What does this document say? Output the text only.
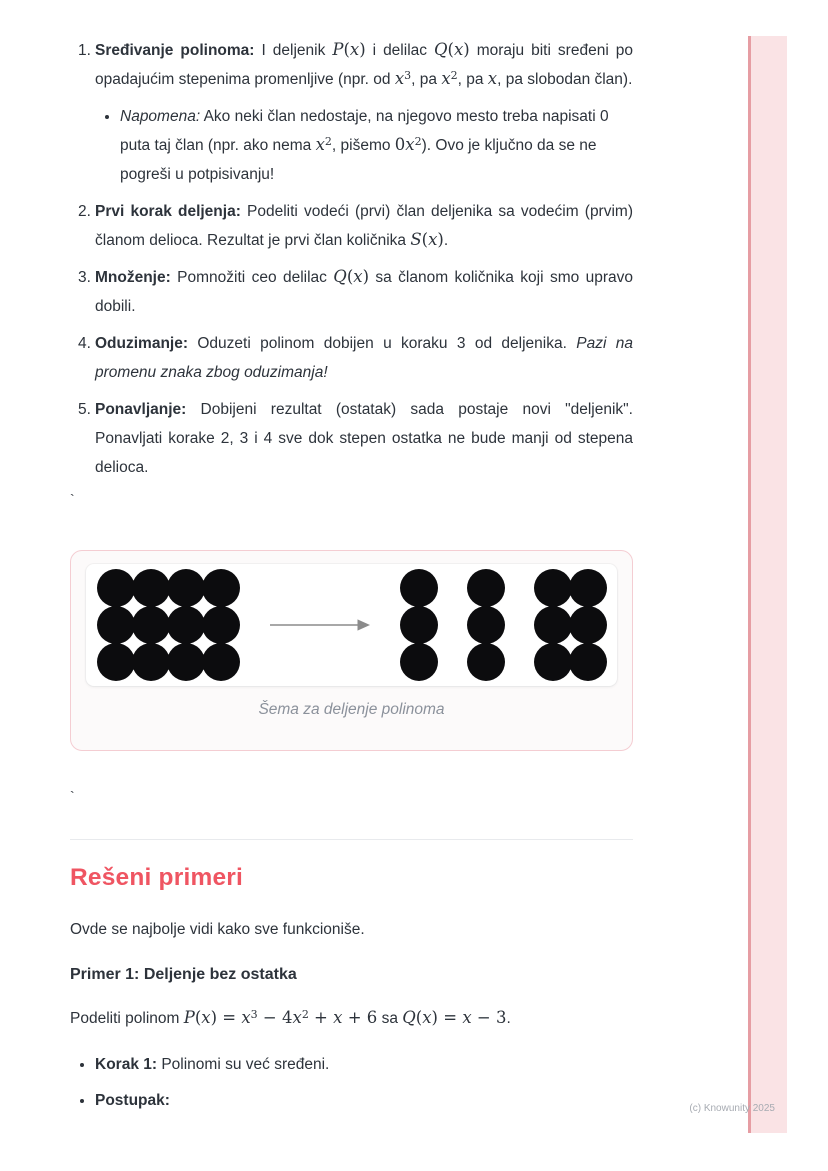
1. Sređivanje polinoma: I deljenik P(x) i delilac Q(x) moraju biti sređeni po opadajućim stepenima promenljive (npr. od $x^3$, pa $x^2$, pa x, pa slobodan član).
• Napomena: Ako neki član nedostaje, na njegovo mesto treba napisati 0 puta taj član (npr. ako nema $x^2$, pišemo $0x^2$). Ovo je ključno da se ne pogreši u potpisivanju!
2. Prvi korak deljenja: Podeliti vodeći (prvi) član deljenika sa vodećim (prvim) članom delioca. Rezultat je prvi član količnika S(x).
3. Množenje: Pomnožiti ceo delilac Q(x) sa članom količnika koji smo upravo dobili.
4. Oduzimanje: Oduzeti polinom dobijen u koraku 3 od deljenika. Pazi na promenu znaka zbog oduzimanja!
5. Ponavljanje: Dobijeni rezultat (ostatak) sada postaje novi "deljenik". Ponavljati korake 2, 3 i 4 sve dok stepen ostatka ne bude manji od stepena delioca.
`
Šema za deljenje polinoma
`
Rešeni primeri

Ovde se najbolje vidi kako sve funkcioniše.

Primer 1: Deljenje bez ostatka

Podeliti polinom $P(x) = x^3 - 4x^2 + x + 6$ sa Q(x) = x − 3.

• Korak 1: Polinomi su već sređeni.
• Postupak:	(c) Knowunity 2025
